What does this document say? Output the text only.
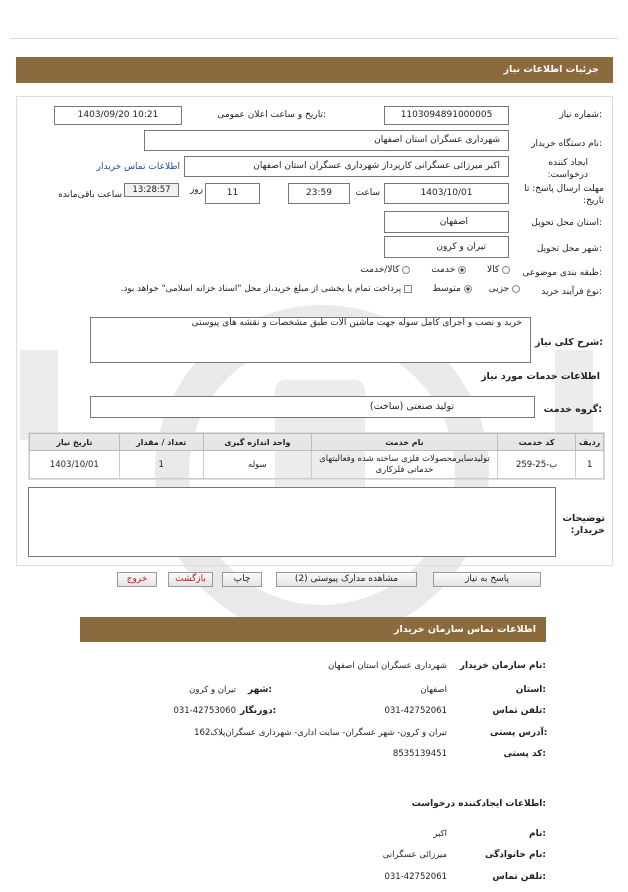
جزئیات اطلاعات نیاز
شماره نیاز:
1103094891000005
تاریخ و ساعت اعلان عمومی:
1403/09/20 10:21
نام دستگاه خریدار:
شهرداری عسگران استان اصفهان
ایجاد کننده درخواست:
اکبر میرزائی عسگرانی کارپرداز شهرداری عسگران استان اصفهان
اطلاعات تماس خریدار
مهلت ارسال پاسخ: تا تاریخ:
1403/10/01
ساعت
23:59
11
روز
13:28:57
ساعت باقی‌مانده
استان محل تحویل:
اصفهان
شهر محل تحویل:
تیران و کرون
طبقه بندی موضوعی:
کالا  خدمت  کالا/خدمت
نوع فرآیند خرید:
جزیی  متوسط
پرداخت تمام یا بخشی از مبلغ خرید،از محل "اسناد خزانه اسلامی" خواهد بود.
شرح کلی نیاز:
خرید و نصب و اجرای کامل سوله جهت ماشین الات طبق مشخصات و نقشه های پیوستی
اطلاعات خدمات مورد نیاز
گروه خدمت:
تولید صنعتی (ساخت)
ردیف	کد خدمت	نام خدمت	واحد اندازه گیری	تعداد / مقدار	تاریخ نیاز
1	ب-25-259	تولیدسایرمحصولات فلزی ساخته شده وفعالیتهای خدماتی فلزکاری	سوله	1	1403/10/01
توضیحات خریدار:
پاسخ به نیاز
مشاهده مدارک پیوستی (2)
چاپ
بازگشت
خروج
اطلاعات تماس سازمان خریدار
نام سازمان خریدار:
شهرداری عسگران استان اصفهان
استان:
اصفهان
شهر:
تیران و کرون
تلفن تماس:
031-42752061
دورنگار:
031-42753060
آدرس پستی:
تیران و کرون- شهر عسگران- سایت اداری- شهرداری عسگران‌پلاک162
کد پستی:
8535139451
اطلاعات ایجادکننده درخواست:
نام:
اکبر
نام خانوادگی:
میرزائی عسگرانی
تلفن تماس:
031-42752061
